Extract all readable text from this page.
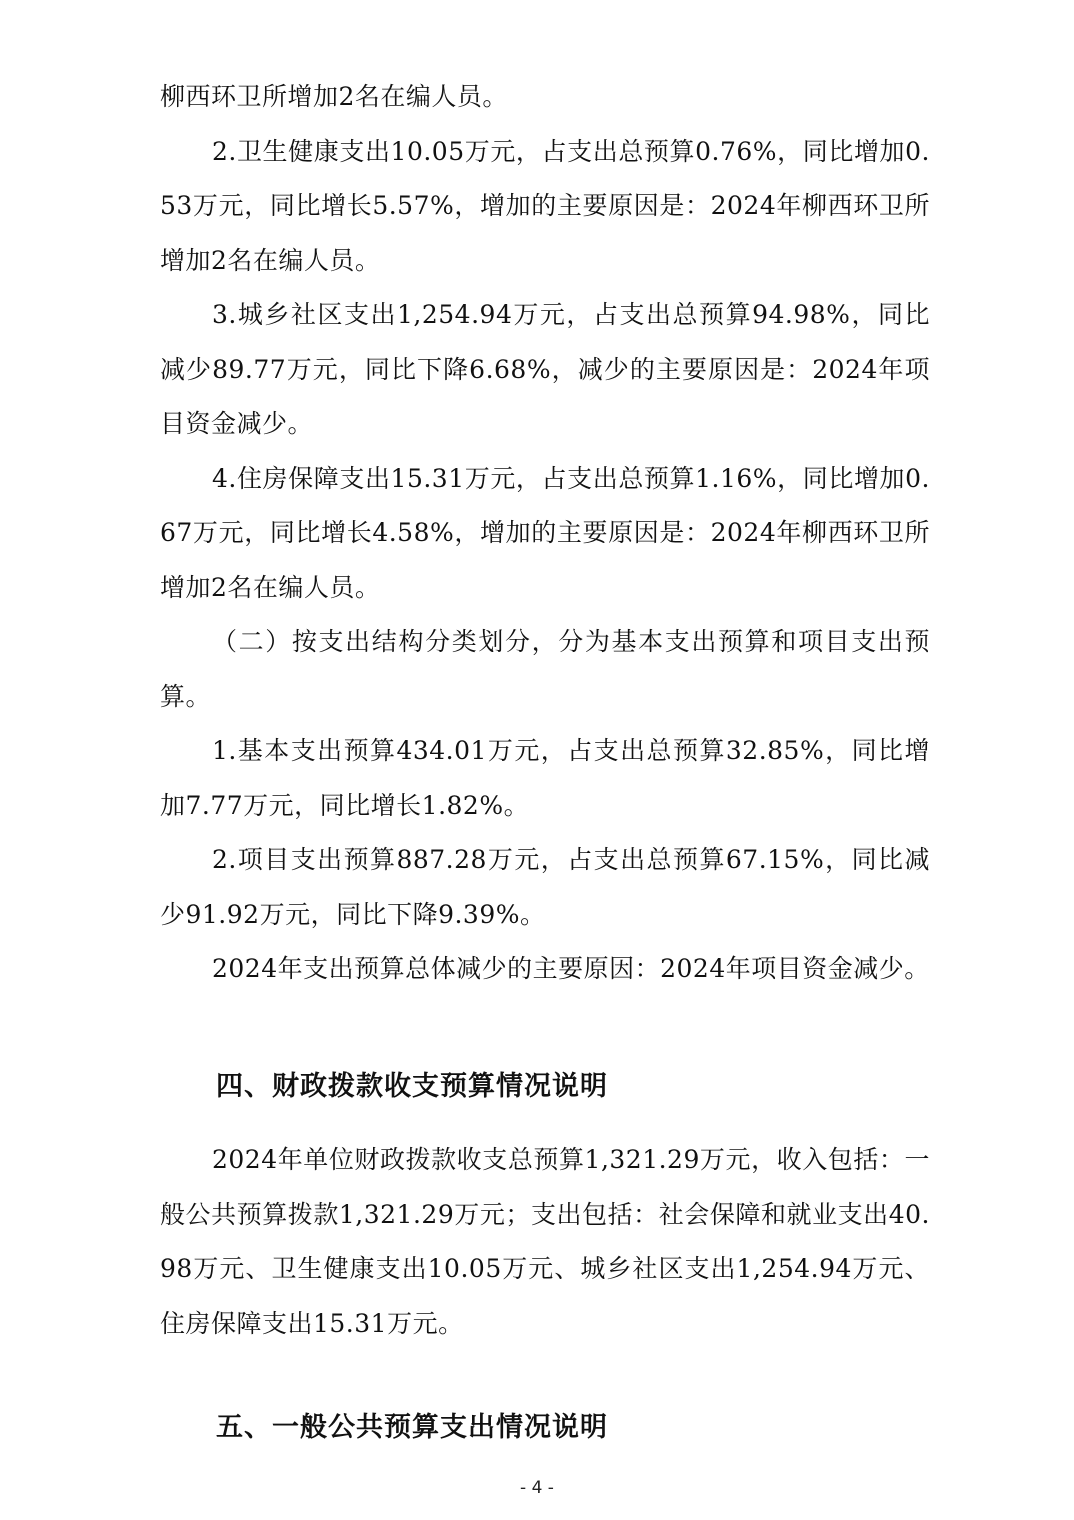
柳西环卫所增加2名在编人员。

2.卫生健康支出10.05万元，占支出总预算0.76%，同比增加0.53万元，同比增长5.57%，增加的主要原因是：2024年柳西环卫所增加2名在编人员。

3.城乡社区支出1,254.94万元，占支出总预算94.98%，同比减少89.77万元，同比下降6.68%，减少的主要原因是：2024年项目资金减少。

4.住房保障支出15.31万元，占支出总预算1.16%，同比增加0.67万元，同比增长4.58%，增加的主要原因是：2024年柳西环卫所增加2名在编人员。

（二）按支出结构分类划分，分为基本支出预算和项目支出预算。

1.基本支出预算434.01万元，占支出总预算32.85%，同比增加7.77万元，同比增长1.82%。

2.项目支出预算887.28万元，占支出总预算67.15%，同比减少91.92万元，同比下降9.39%。

2024年支出预算总体减少的主要原因：2024年项目资金减少。

四、财政拨款收支预算情况说明

2024年单位财政拨款收支总预算1,321.29万元，收入包括：一般公共预算拨款1,321.29万元；支出包括：社会保障和就业支出40.98万元、卫生健康支出10.05万元、城乡社区支出1,254.94万元、住房保障支出15.31万元。

五、一般公共预算支出情况说明
- 4 -
